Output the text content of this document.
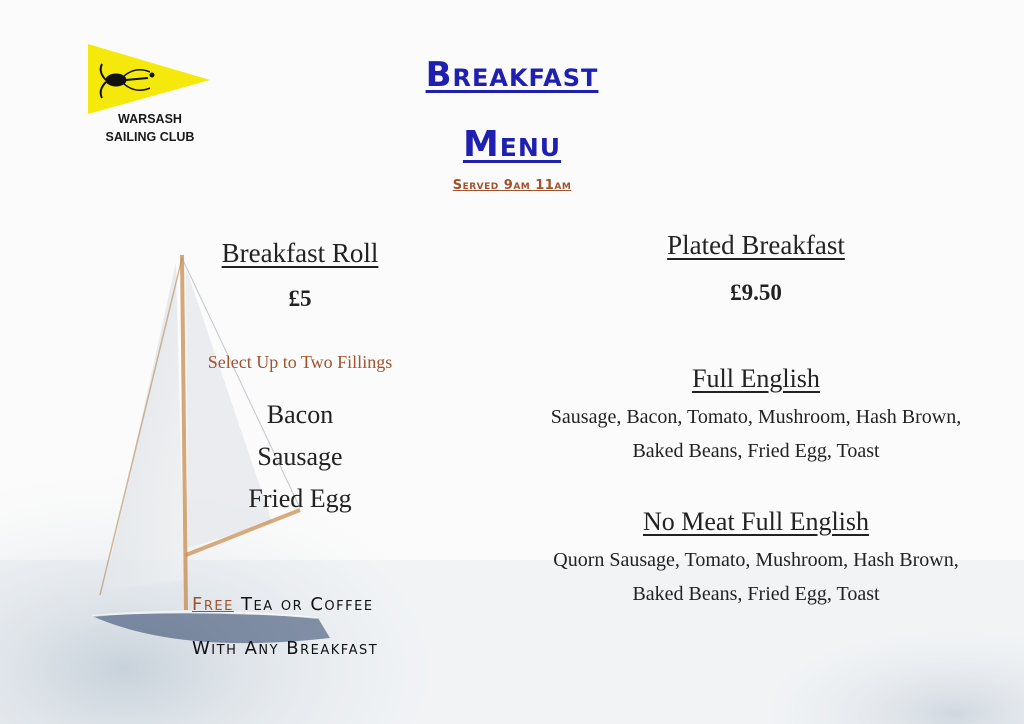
WARSASH
SAILING CLUB
Breakfast
Menu
Served 9am 11am
Breakfast Roll
£5
Select Up to Two Fillings
Bacon
Sausage
Fried Egg
Free Tea or Coffee
With Any Breakfast
Plated Breakfast
£9.50
Full English
Sausage, Bacon, Tomato, Mushroom, Hash Brown,
Baked Beans, Fried Egg, Toast
No Meat Full English
Quorn Sausage, Tomato, Mushroom, Hash Brown,
Baked Beans, Fried Egg, Toast
